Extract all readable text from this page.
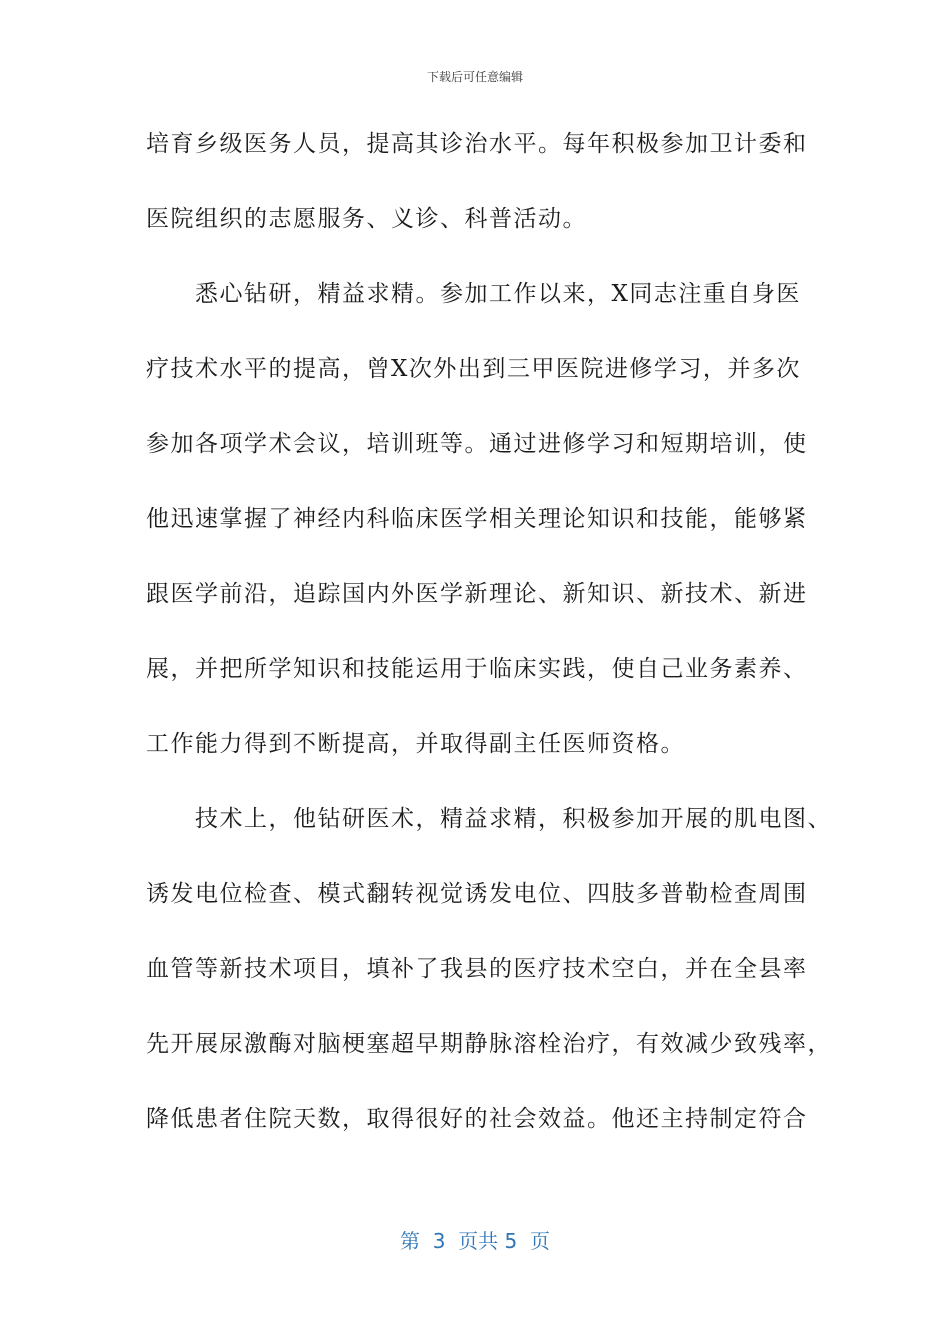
下载后可任意编辑
培育乡级医务人员，提高其诊治水平。每年积极参加卫计委和
医院组织的志愿服务、义诊、科普活动。
　　悉心钻研，精益求精。参加工作以来，X同志注重自身医
疗技术水平的提高，曾X次外出到三甲医院进修学习，并多次
参加各项学术会议，培训班等。通过进修学习和短期培训，使
他迅速掌握了神经内科临床医学相关理论知识和技能，能够紧
跟医学前沿，追踪国内外医学新理论、新知识、新技术、新进
展，并把所学知识和技能运用于临床实践，使自己业务素养、
工作能力得到不断提高，并取得副主任医师资格。
　　技术上，他钻研医术，精益求精，积极参加开展的肌电图、
诱发电位检查、模式翻转视觉诱发电位、四肢多普勒检查周围
血管等新技术项目，填补了我县的医疗技术空白，并在全县率
先开展尿激酶对脑梗塞超早期静脉溶栓治疗，有效减少致残率，
降低患者住院天数，取得很好的社会效益。他还主持制定符合
第  3  页共 5  页
